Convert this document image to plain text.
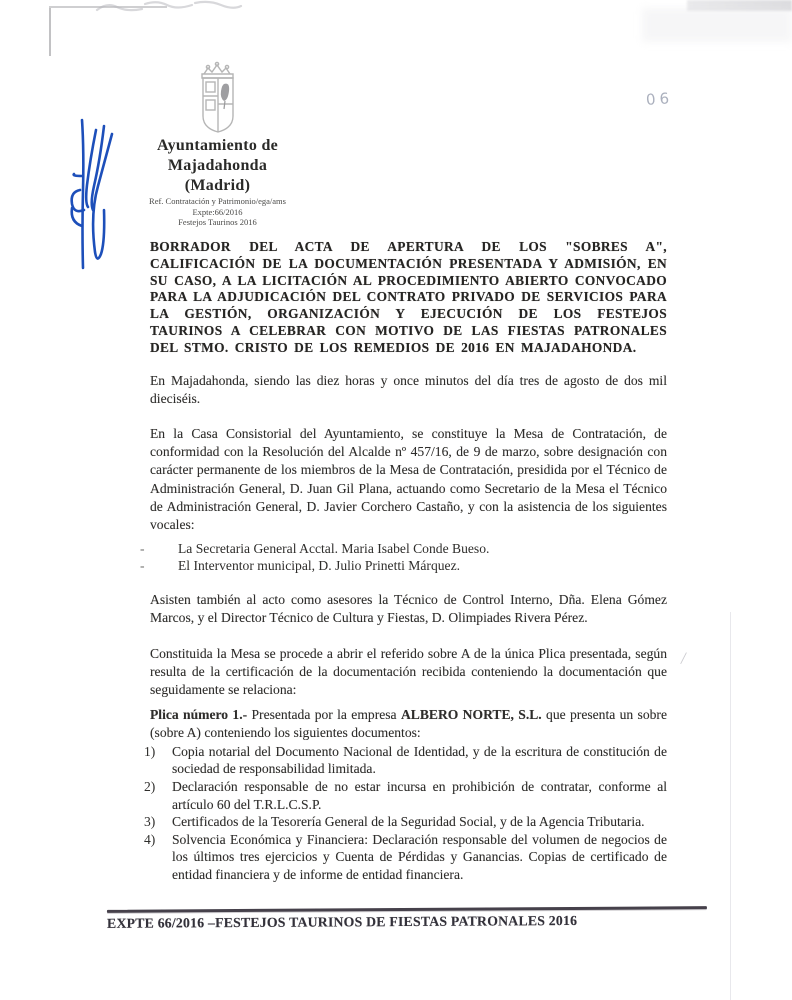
06
/
Ayuntamiento de
Majadahonda
(Madrid)
Ref. Contratación y Patrimonio/ega/ams
Expte:66/2016
Festejos Taurinos 2016
BORRADOR DEL ACTA DE APERTURA DE LOS "SOBRES A", CALIFICACIÓN DE LA DOCUMENTACIÓN PRESENTADA Y ADMISIÓN, EN SU CASO, A LA LICITACIÓN AL PROCEDIMIENTO ABIERTO CONVOCADO PARA LA ADJUDICACIÓN DEL CONTRATO PRIVADO DE SERVICIOS PARA LA GESTIÓN, ORGANIZACIÓN Y EJECUCIÓN DE LOS FESTEJOS TAURINOS A CELEBRAR CON MOTIVO DE LAS FIESTAS PATRONALES DEL STMO. CRISTO DE LOS REMEDIOS DE 2016 EN MAJADAHONDA.

En Majadahonda, siendo las diez horas y once minutos del día tres de agosto de dos mil dieciséis.

En la Casa Consistorial del Ayuntamiento, se constituye la Mesa de Contratación, de conformidad con la Resolución del Alcalde nº 457/16, de 9 de marzo, sobre designación con carácter permanente de los miembros de la Mesa de Contratación, presidida por el Técnico de Administración General, D. Juan Gil Plana, actuando como Secretario de la Mesa el Técnico de Administración General, D. Javier Corchero Castaño, y con la asistencia de los siguientes vocales:

-	La Secretaria General Acctal. Maria Isabel Conde Bueso.
-	El Interventor municipal, D. Julio Prinetti Márquez.

Asisten también al acto como asesores la Técnico de Control Interno, Dña. Elena Gómez Marcos, y el Director Técnico de Cultura y Fiestas, D. Olimpiades Rivera Pérez.

Constituida la Mesa se procede a abrir el referido sobre A de la única Plica presentada, según resulta de la certificación de la documentación recibida conteniendo la documentación que seguidamente se relaciona:

Plica número 1.- Presentada por la empresa ALBERO NORTE, S.L. que presenta un sobre (sobre A) conteniendo los siguientes documentos:

1)	Copia notarial del Documento Nacional de Identidad, y de la escritura de constitución de sociedad de responsabilidad limitada.
2)	Declaración responsable de no estar incursa en prohibición de contratar, conforme al artículo 60 del T.R.L.C.S.P.
3)	Certificados de la Tesorería General de la Seguridad Social, y de la Agencia Tributaria.
4)	Solvencia Económica y Financiera: Declaración responsable del volumen de negocios de los últimos tres ejercicios y Cuenta de Pérdidas y Ganancias. Copias de certificado de entidad financiera y de informe de entidad financiera.
EXPTE 66/2016 –FESTEJOS TAURINOS DE FIESTAS PATRONALES 2016
